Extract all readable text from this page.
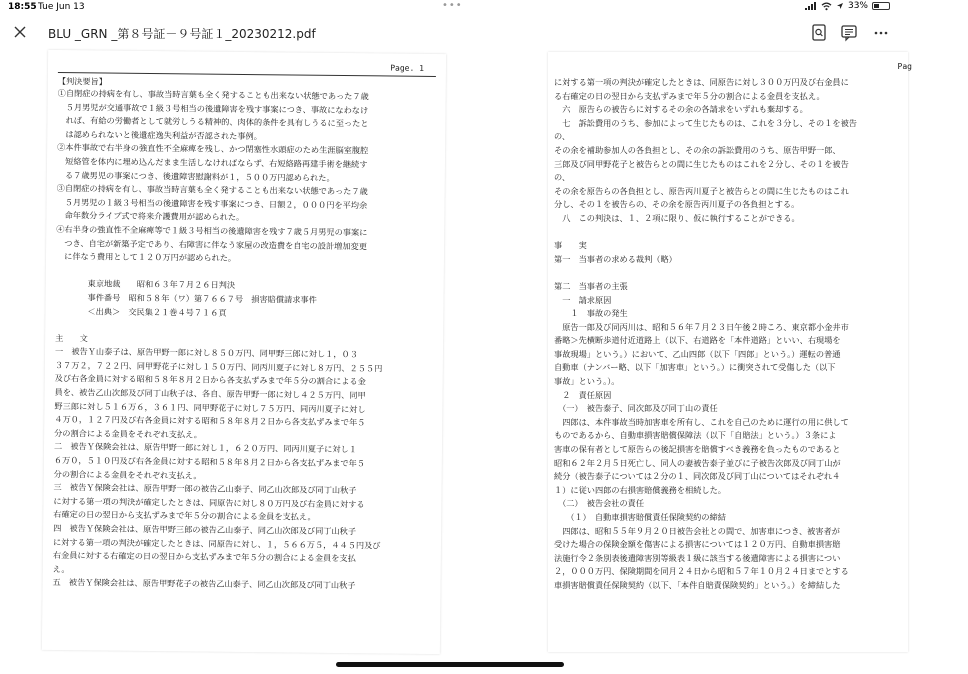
18:55 Tue Jun 13	•••	33%
BLU _GRN _第８号証－９号証１_20230212.pdf
Page. 1
【判決要旨】
①自閉症の持病を有し、事故当時言葉も全く発することも出来ない状態であった７歳
　５月男児が交通事故で１級３号相当の後遺障害を残す事案につき、事故になわなけ
　れば、有給の労働者として就労しうる精神的、肉体的条件を具有しうるに至ったと
　は認められないと後遺症逸失利益が否認された事例。
②本件事故で右半身の強直性不全麻痺を残し、かつ閉塞性水頭症のため生涯脳室腹腔
　短絡管を体内に埋め込んだまま生活しなければならず、右短絡路再建手術を継続す
　る７歳男児の事案につき、後遺障害慰謝料が１，５００万円認められた。
③自閉症の持病を有し、事故当時言葉も全く発することも出来ない状態であった７歳
　５月男児の１級３号相当の後遺障害を残す事案につき、日額２，０００円を平均余
　命年数分ライプ式で将来介護費用が認められた。
④右半身の強直性不全麻痺等で１級３号相当の後遺障害を残す７歳５月男児の事案に
　つき、自宅が新築予定であり、右障害に伴なう家屋の改造費を自宅の設計増加変更
　に伴なう費用として１２０万円が認められた。
東京地裁　　昭和６３年７月２６日判決
事件番号　昭和５８年（ワ）第７６６７号　損害賠償請求事件
＜出典＞　交民集２１巻４号７１６頁
主　　文
一　被告Ｙ山泰子は、原告甲野一郎に対し８５０万円、同甲野三郎に対し１，０３
３７万２，７２２円、同甲野花子に対し１５０万円、同丙川夏子に対し８万円、２５５円
及び右各金員に対する昭和５８年８月２日から各支払ずみまで年５分の割合による金
員を、被告乙山次郎及び同丁山秋子は、各自、原告甲野一郎に対し４２５万円、同甲
野三郎に対し５１６万６，３６１円、同甲野花子に対し７５万円、同丙川夏子に対し
４万０，１２７円及び右各金員に対する昭和５８年８月２日から各支払ずみまで年５
分の割合による金員をそれぞれ支払え。
二　被告Ｙ保険会社は、原告甲野一郎に対し１，６２０万円、同丙川夏子に対し１
６万０，５１０円及び右各金員に対する昭和５８年８月２日から各支払ずみまで年５
分の割合による金員をそれぞれ支払え。
三　被告Ｙ保険会社は、原告甲野一郎の被告乙山泰子、同乙山次郎及び同丁山秋子
に対する第一項の判決が確定したときは、同原告に対し８０万円及び右金員に対する
右確定の日の翌日から支払ずみまで年５分の割合による金員を支払え。
四　被告Ｙ保険会社は、原告甲野三郎の被告乙山泰子、同乙山次郎及び同丁山秋子
に対する第一項の判決が確定したときは、同原告に対し、１，５６６万５，４４５円及び
右金員に対する右確定の日の翌日から支払ずみまで年５分の割合による金員を支払
え。
五　被告Ｙ保険会社は、原告甲野花子の被告乙山泰子、同乙山次郎及び同丁山秋子
Pag
に対する第一項の判決が確定したときは、同原告に対し３００万円及び右金員に
る右確定の日の翌日から支払ずみまで年５分の割合による金員を支払え。
　六　原告らの被告らに対するその余の各請求をいずれも棄却する。
　七　訴訟費用のうち、参加によって生じたものは、これを３分し、その１を被告
の、
その余を補助参加人の各負担とし、その余の訴訟費用のうち、原告甲野一郎、
三郎及び同甲野花子と被告らとの間に生じたものはこれを２分し、その１を被告
の、
その余を原告らの各負担とし、原告丙川夏子と被告らとの間に生じたものはこれ
分し、その１を被告らの、その余を原告丙川夏子の各負担とする。
　八　この判決は、１、２項に限り、仮に執行することができる。
事　　実
第一　当事者の求める裁判（略）
第二　当事者の主張
　一　請求原因
　　１　事故の発生
　原告一郎及び同丙川は、昭和５６年７月２３日午後２時ころ、東京都小金井市
番略＞先横断歩道付近道路上（以下、右道路を「本件道路」といい、右現場を
事故現場」という。）において、乙山四郎（以下「四郎」という。）運転の普通
自動車（ナンバー略、以下「加害車」という。）に衝突されて受傷した（以下
事故」という。）。
　２　責任原因
　（一）　被告泰子、同次郎及び同丁山の責任
　四郎は、本件事故当時加害車を所有し、これを自己のために運行の用に供して
ものであるから、自動車損害賠償保障法（以下「自賠法」という。）３条によ
害車の保有者として原告らの後記損害を賠償すべき義務を負ったものであると
昭和６２年２月５日死亡し、同人の妻被告泰子並びに子被告次郎及び同丁山が
続分（被告泰子については２分の１、同次郎及び同丁山についてはそれぞれ４
１）に従い四郎の右損害賠償義務を相続した。
　（二）　被告会社の責任
　　（１）　自動車損害賠償責任保険契約の締結
　四郎は、昭和５５年９月２０日被告会社との間で、加害車につき、被害者が
受けた場合の保険金額を傷害による損害については１２０万円、自動車損害賠
法施行令２条別表後遺障害別等級表１級に該当する後遺障害による損害につい
２，０００万円、保険期間を同月２４日から昭和５７年１０月２４日までとする
車損害賠償責任保険契約（以下、「本件自賠責保険契約」という。）を締結した
